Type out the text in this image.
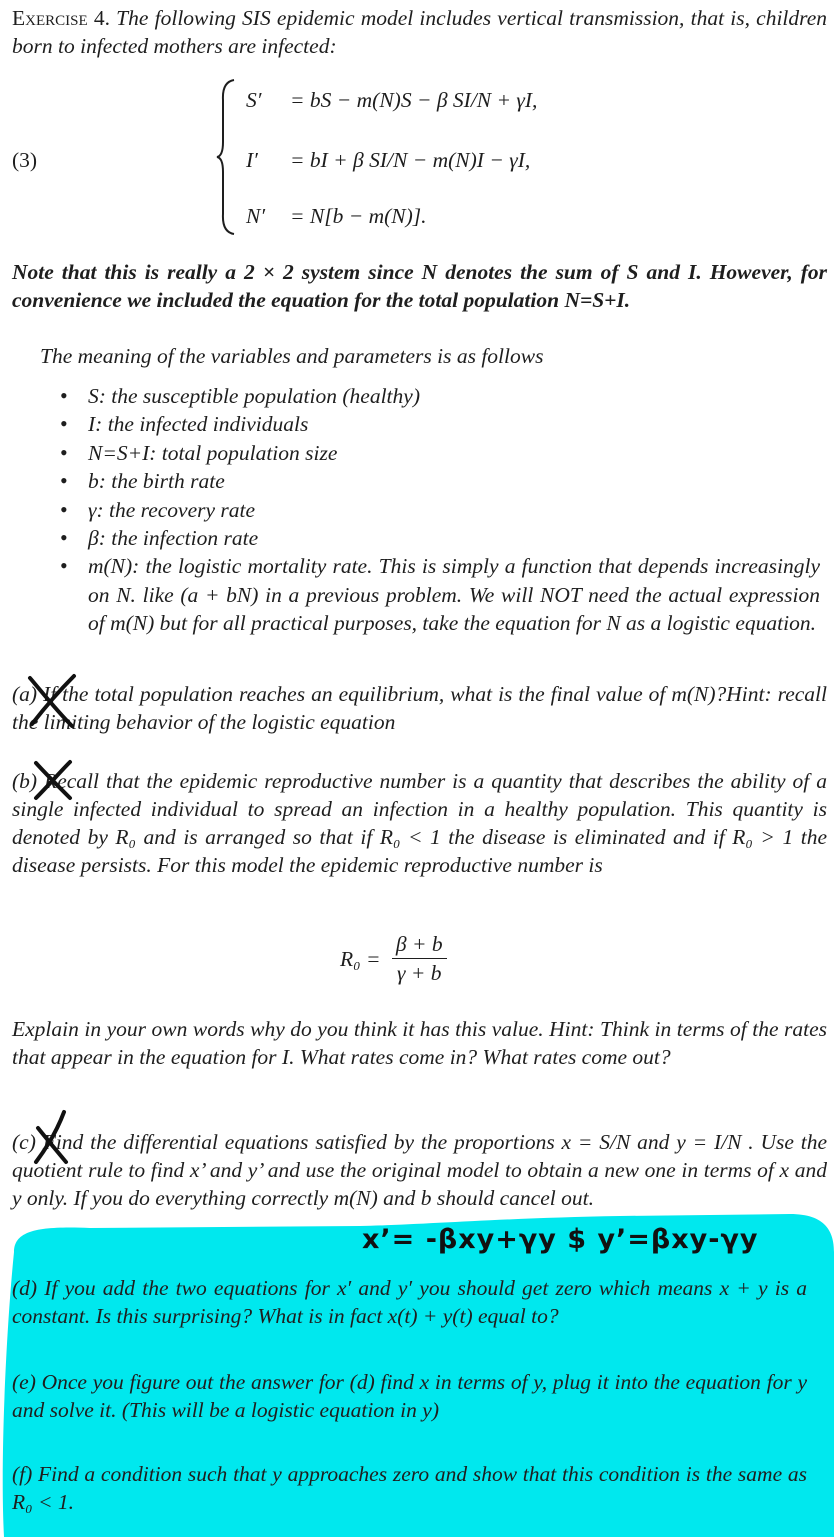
Exercise 4. The following SIS epidemic model includes vertical transmission, that is, children born to infected mothers are infected:
(3)
S′ = bS − m(N)S − β SI/N + γI,
I′ = bI + β SI/N − m(N)I − γI,
N′ = N[b − m(N)].
Note that this is really a 2 × 2 system since N denotes the sum of S and I. However, for convenience we included the equation for the total population N=S+I.
The meaning of the variables and parameters is as follows
• S: the susceptible population (healthy)
• I: the infected individuals
• N=S+I: total population size
• b: the birth rate
• γ: the recovery rate
• β: the infection rate
• m(N): the logistic mortality rate. This is simply a function that depends increasingly on N. like (a + bN) in a previous problem. We will NOT need the actual expression of m(N) but for all practical purposes, take the equation for N as a logistic equation.
(a) If the total population reaches an equilibrium, what is the final value of m(N)?Hint: recall the limiting behavior of the logistic equation
(b) Recall that the epidemic reproductive number is a quantity that describes the ability of a single infected individual to spread an infection in a healthy population. This quantity is denoted by R₀ and is arranged so that if R₀ < 1 the disease is eliminated and if R₀ > 1 the disease persists. For this model the epidemic reproductive number is
$R_0 = \frac{\beta + b}{\gamma + b}$
Explain in your own words why do you think it has this value. Hint: Think in terms of the rates that appear in the equation for I. What rates come in? What rates come out?
(c) Find the differential equations satisfied by the proportions x = S/N and y = I/N . Use the quotient rule to find x’ and y’ and use the original model to obtain a new one in terms of x and y only. If you do everything correctly m(N) and b should cancel out.
x’= -βxy+γy $ y’=βxy-γy
(d) If you add the two equations for x′ and y′ you should get zero which means x + y is a constant. Is this surprising? What is in fact x(t) + y(t) equal to?
(e) Once you figure out the answer for (d) find x in terms of y, plug it into the equation for y and solve it. (This will be a logistic equation in y)
(f) Find a condition such that y approaches zero and show that this condition is the same as R₀ < 1.
